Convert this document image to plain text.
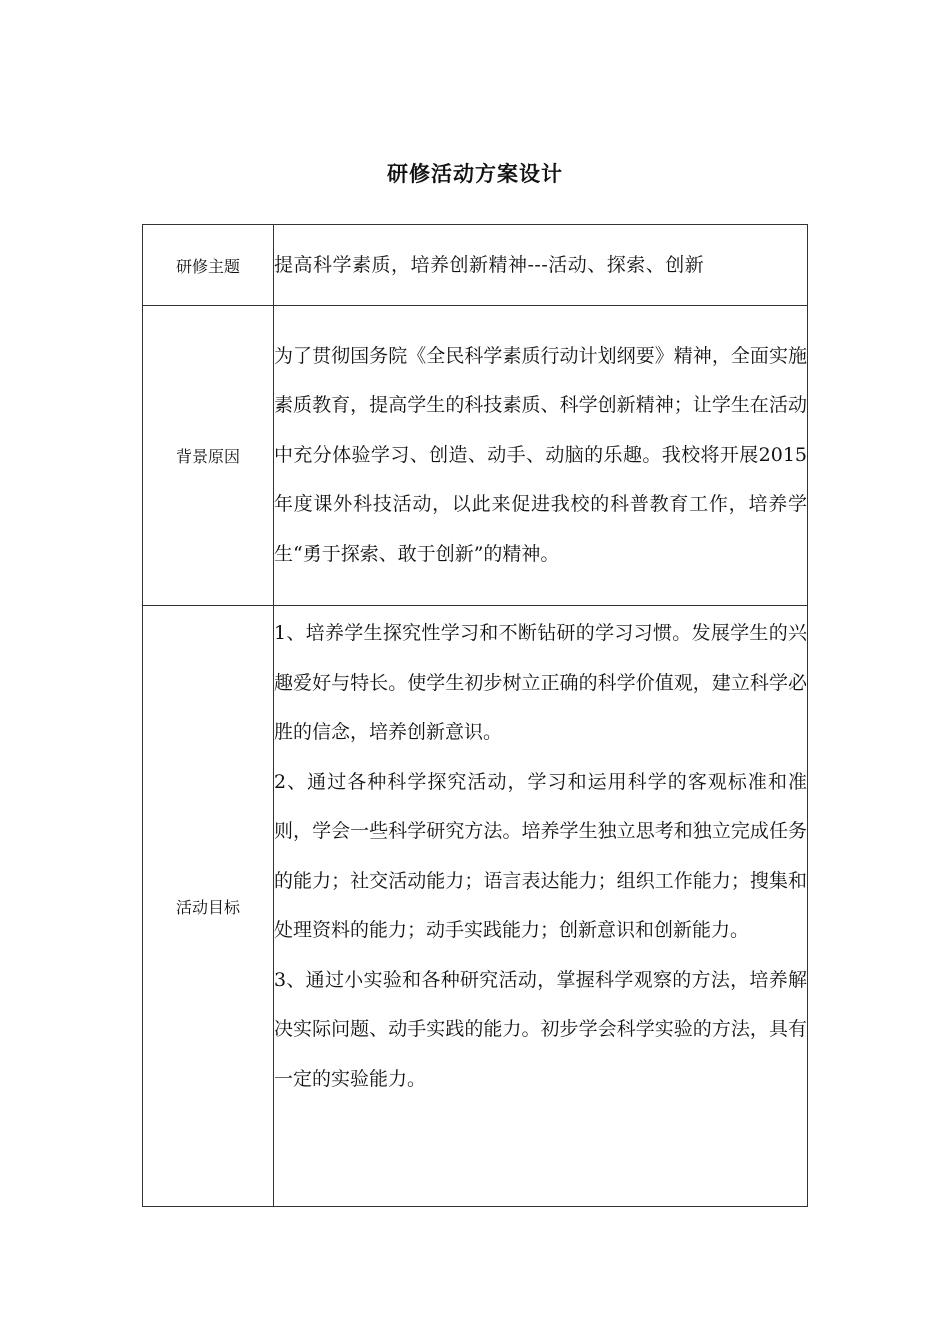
研修活动方案设计
研修主题	提高科学素质，培养创新精神---活动、探索、创新

背景原因	为了贯彻国务院《全民科学素质行动计划纲要》精神，全面实施素质教育，提高学生的科技素质、科学创新精神；让学生在活动中充分体验学习、创造、动手、动脑的乐趣。我校将开展2015年度课外科技活动，以此来促进我校的科普教育工作，培养学生“勇于探索、敢于创新”的精神。

活动目标	1、培养学生探究性学习和不断钻研的学习习惯。发展学生的兴趣爱好与特长。使学生初步树立正确的科学价值观，建立科学必胜的信念，培养创新意识。

2、通过各种科学探究活动，学习和运用科学的客观标准和准则，学会一些科学研究方法。培养学生独立思考和独立完成任务的能力；社交活动能力；语言表达能力；组织工作能力；搜集和处理资料的能力；动手实践能力；创新意识和创新能力。

3、通过小实验和各种研究活动，掌握科学观察的方法，培养解决实际问题、动手实践的能力。初步学会科学实验的方法，具有一定的实验能力。
